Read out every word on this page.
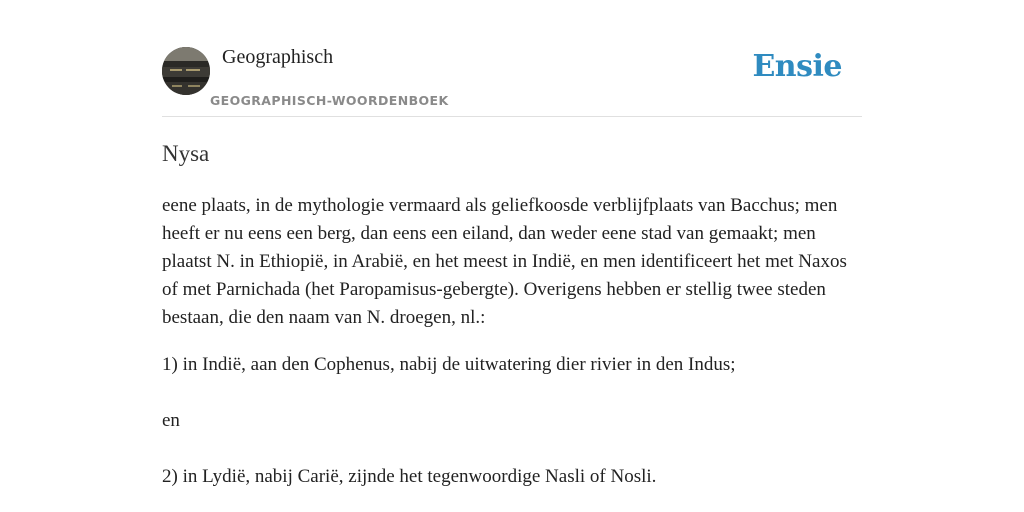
Geographisch
GEOGRAPHISCH-WOORDENBOEK
Ensie
Nysa
eene plaats, in de mythologie vermaard als geliefkoosde verblijfplaats van Bacchus; men heeft er nu eens een berg, dan eens een eiland, dan weder eene stad van gemaakt; men plaatst N. in Ethiopië, in Arabië, en het meest in Indië, en men identificeert het met Naxos of met Parnichada (het Paropamisus-gebergte). Overigens hebben er stellig twee steden bestaan, die den naam van N. droegen, nl.:
1) in Indië, aan den Cophenus, nabij de uitwatering dier rivier in den Indus;
en
2) in Lydië, nabij Carië, zijnde het tegenwoordige Nasli of Nosli.
